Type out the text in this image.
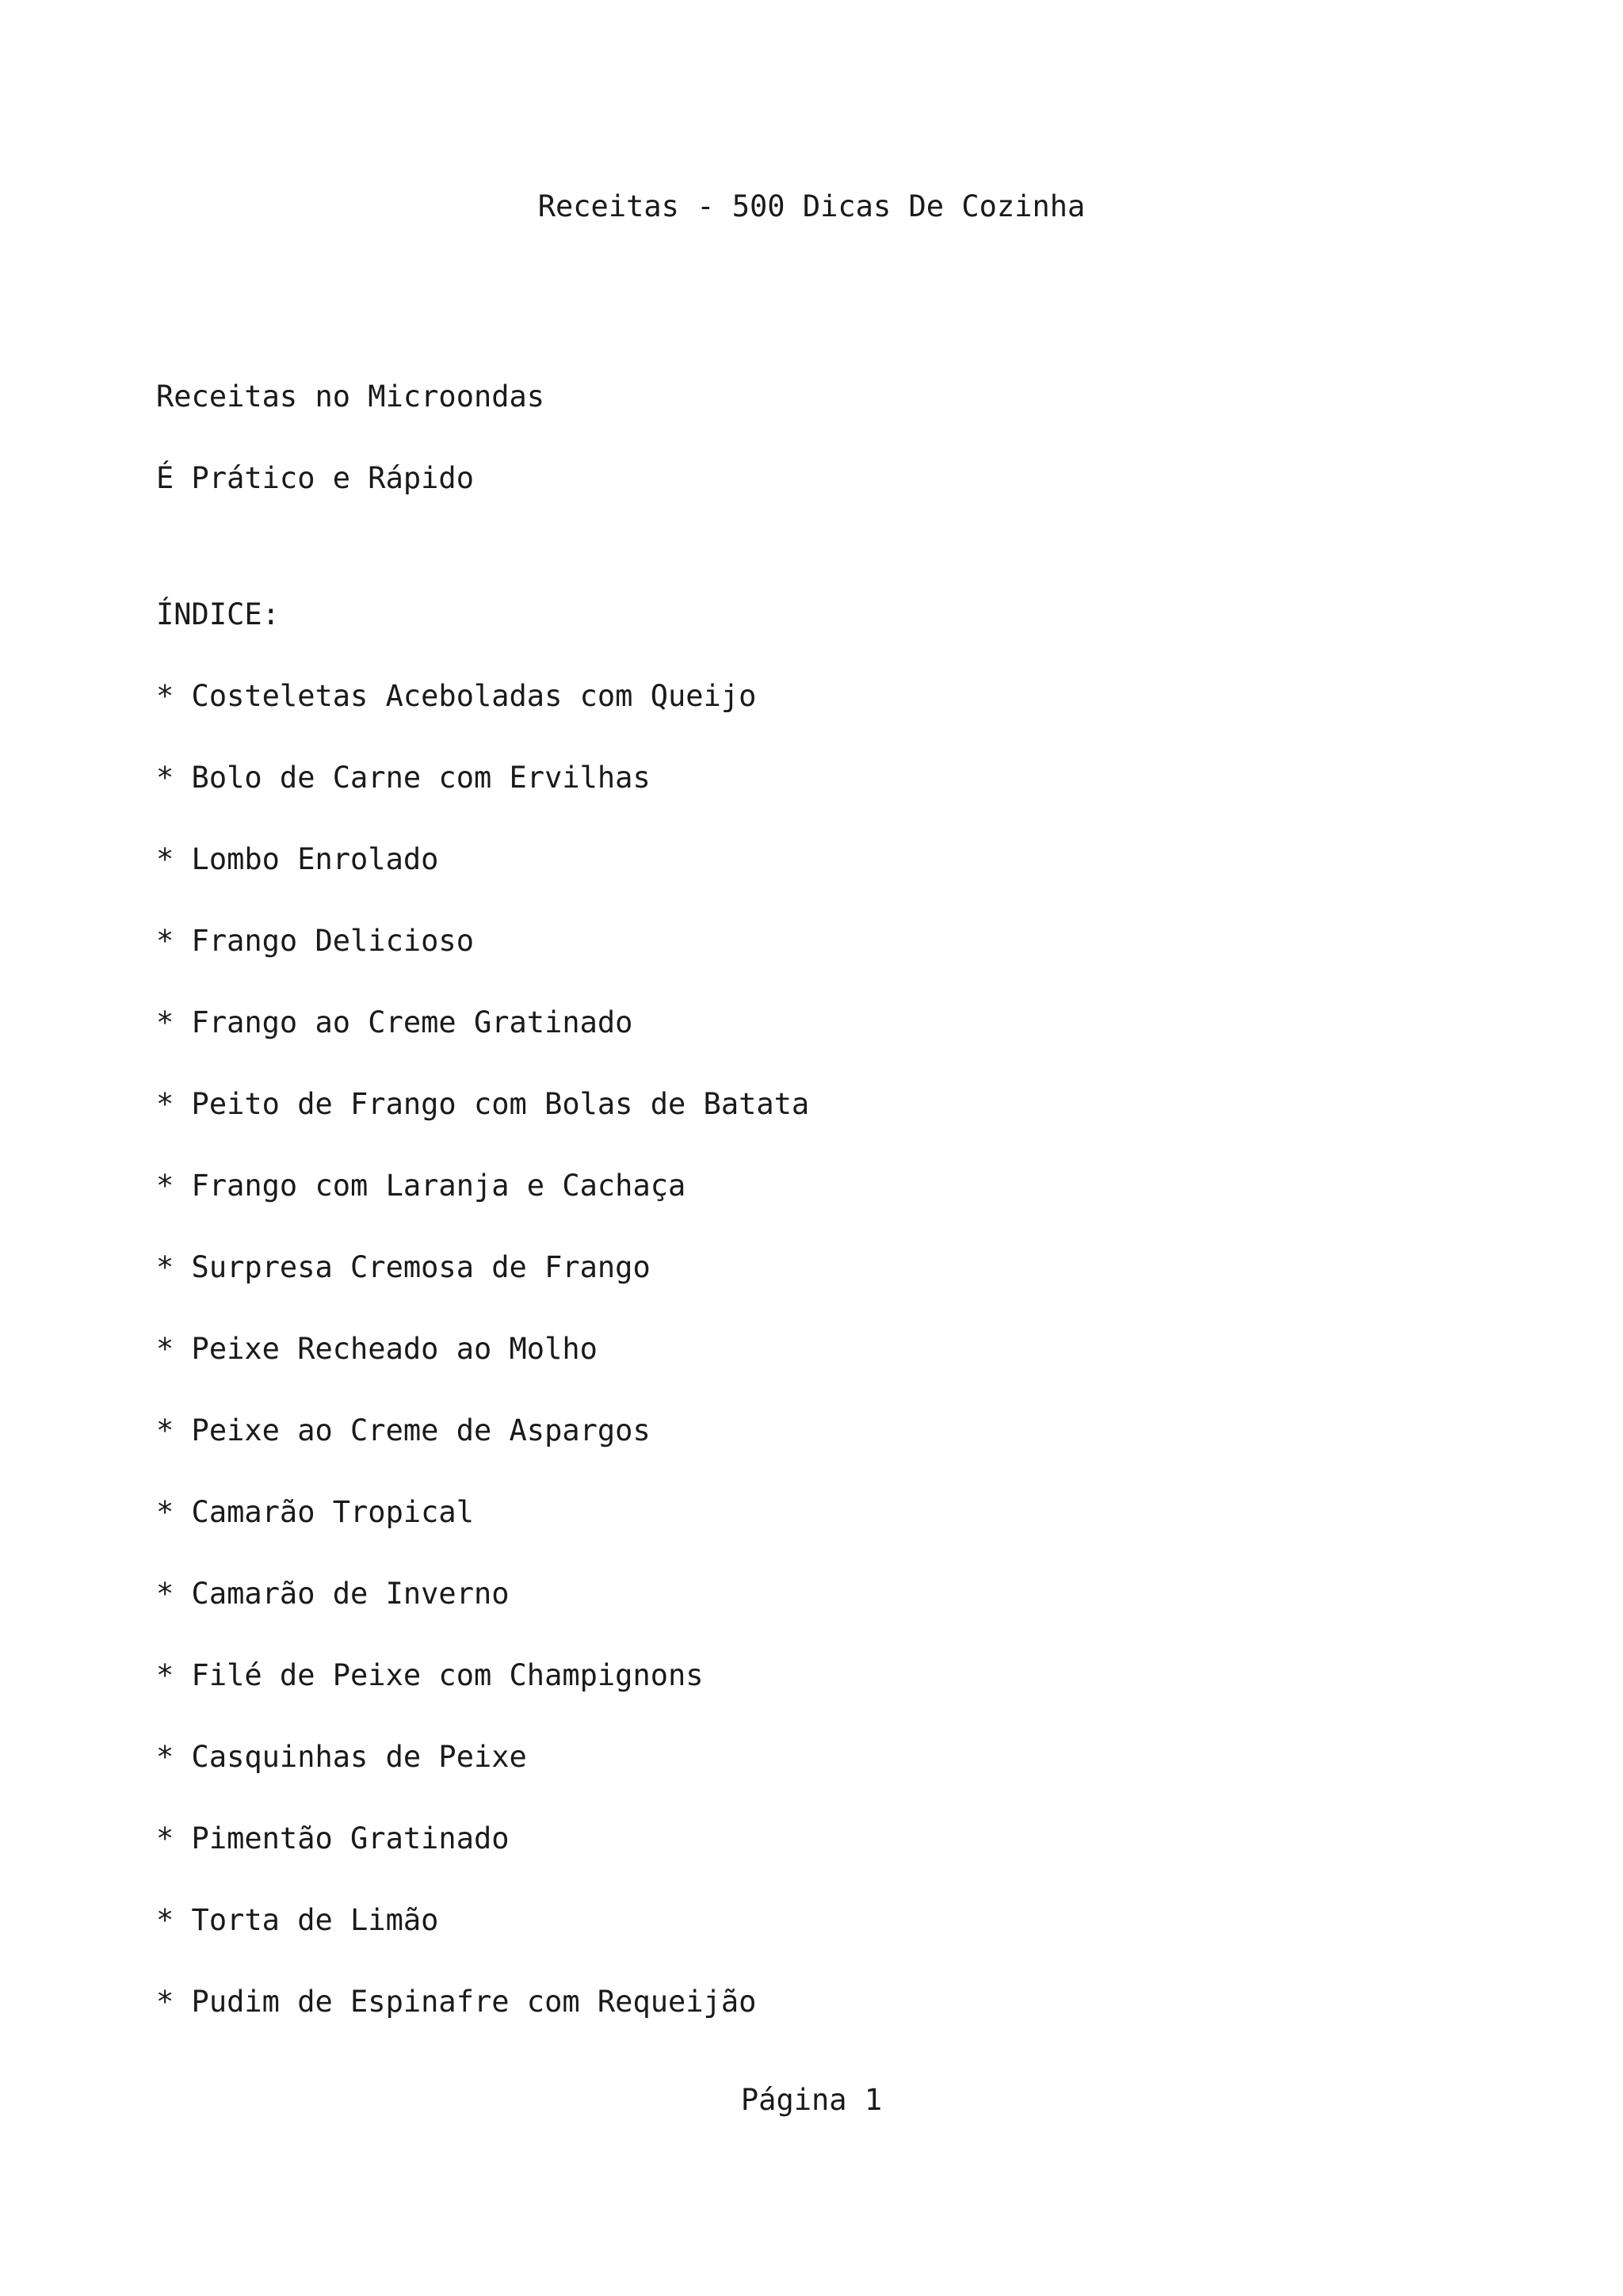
Receitas - 500 Dicas De Cozinha
Receitas no Microondas
É Prático e Rápido
ÍNDICE:
* Costeletas Aceboladas com Queijo
* Bolo de Carne com Ervilhas
* Lombo Enrolado
* Frango Delicioso
* Frango ao Creme Gratinado
* Peito de Frango com Bolas de Batata
* Frango com Laranja e Cachaça
* Surpresa Cremosa de Frango
* Peixe Recheado ao Molho
* Peixe ao Creme de Aspargos
* Camarão Tropical
* Camarão de Inverno
* Filé de Peixe com Champignons
* Casquinhas de Peixe
* Pimentão Gratinado
* Torta de Limão
* Pudim de Espinafre com Requeijão
Página 1
